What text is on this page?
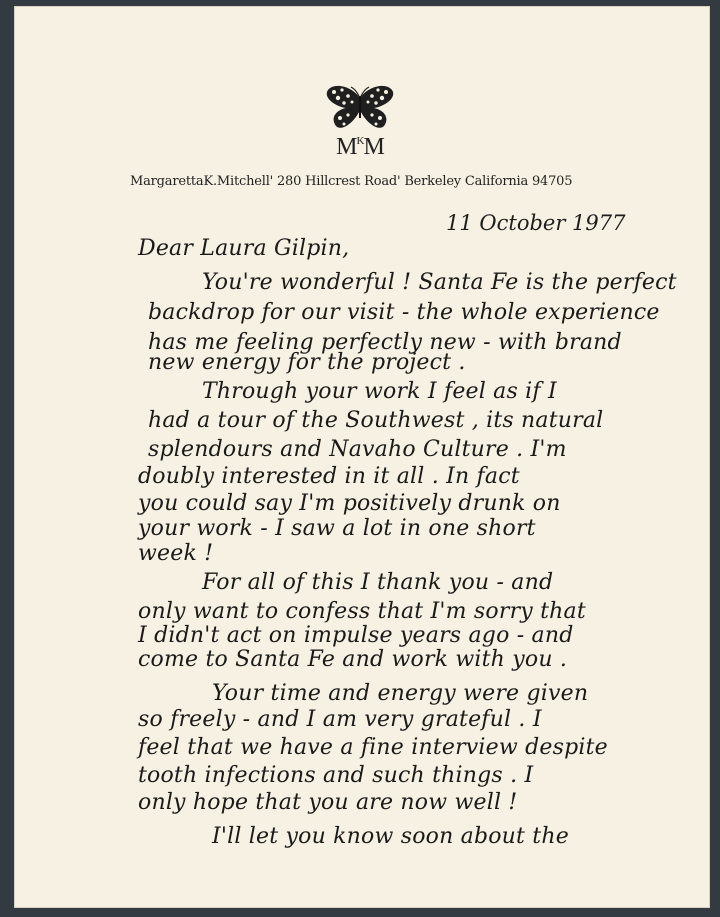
$M^KM$
MargarettaK.Mitchell' 280 Hillcrest Road' Berkeley California 94705
11 October 1977
Dear Laura Gilpin,
You're wonderful ! Santa Fe is the perfect
backdrop for our visit - the whole experience
has me feeling perfectly new - with brand
new energy for the project .
Through your work I feel as if I
had a tour of the Southwest , its natural
splendours and Navaho Culture . I'm
doubly interested in it all . In fact
you could say I'm positively drunk on
your work - I saw a lot in one short
week !
For all of this I thank you - and
only want to confess that I'm sorry that
I didn't act on impulse years ago - and
come to Santa Fe and work with you .
Your time and energy were given
so freely - and I am very grateful . I
feel that we have a fine interview despite
tooth infections and such things . I
only hope that you are now well !
I'll let you know soon about the
